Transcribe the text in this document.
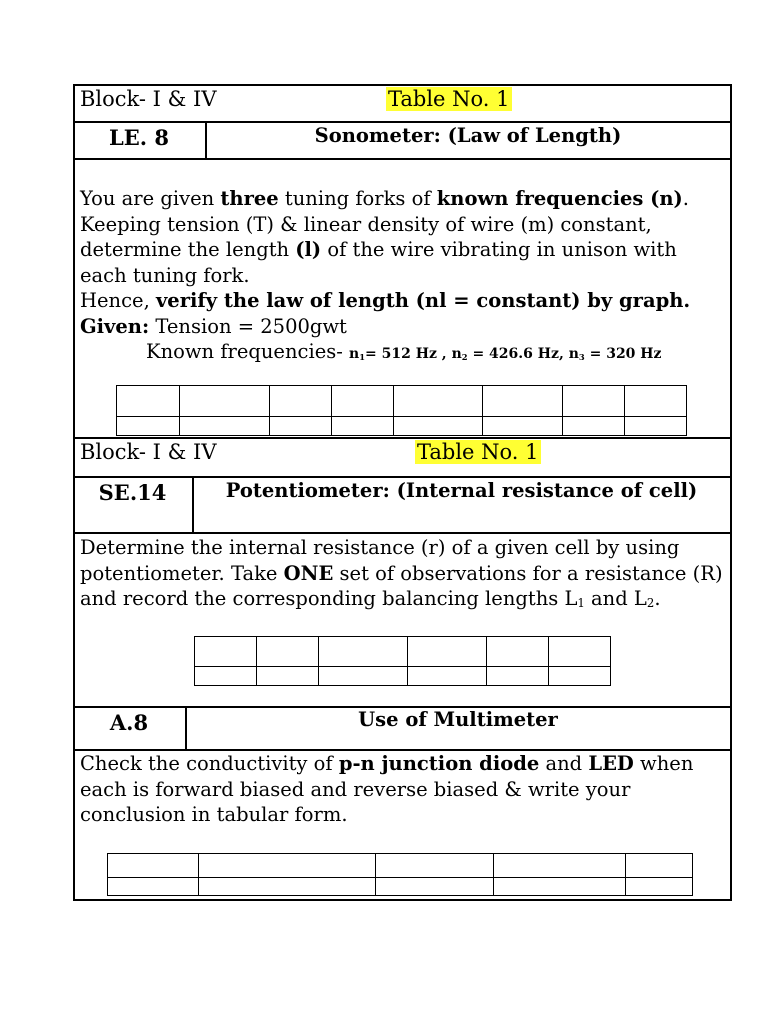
Block- I & IV	Table No. 1
LE. 8	Sonometer: (Law of Length)
You are given three tuning forks of known frequencies (n).
Keeping tension (T) & linear density of wire (m) constant,
determine the length (l) of the wire vibrating in unison with
each tuning fork.
Hence, verify the law of length (nl = constant) by graph.
Given: Tension = 2500gwt
Known frequencies- $n_1= 512$ Hz , $n_2 = 426.6$ Hz, $n_3 = 320$ Hz

Block- I & IV	Table No. 1
SE.14	Potentiometer: (Internal resistance of cell)
Determine the internal resistance (r) of a given cell by using
potentiometer. Take ONE set of observations for a resistance (R)
and record the corresponding balancing lengths $L_1$ and $L_2$.

A.8	Use of Multimeter
Check the conductivity of p-n junction diode and LED when
each is forward biased and reverse biased & write your
conclusion in tabular form.
